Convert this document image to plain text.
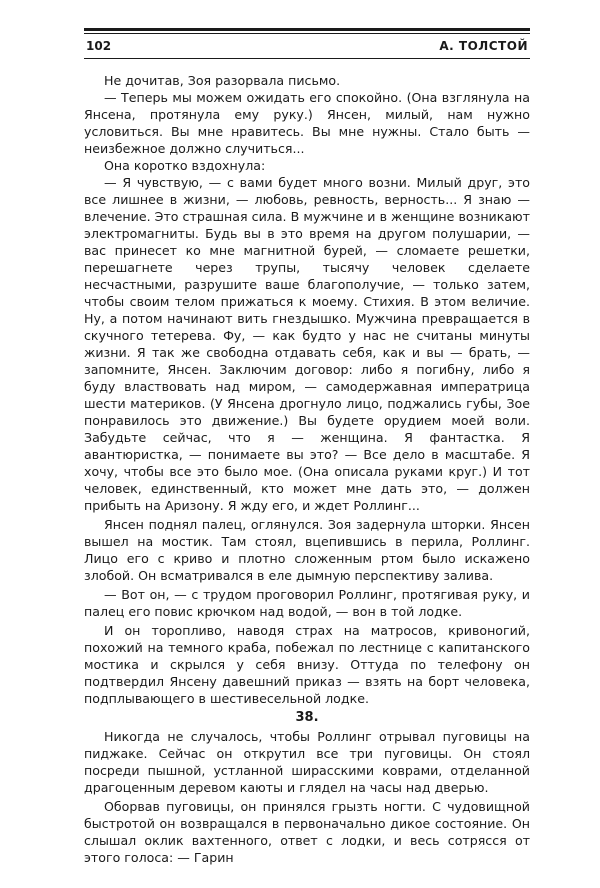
102	А. ТОЛСТОЙ

Не дочитав, Зоя разорвала письмо.

— Теперь мы можем ожидать его спокойно. (Она взглянула на Янсена, протянула ему руку.) Янсен, милый, нам нужно условиться. Вы мне нравитесь. Вы мне нужны. Стало быть — неизбежное должно случиться...

Она коротко вздохнула:

— Я чувствую, — с вами будет много возни. Милый друг, это все лишнее в жизни, — любовь, ревность, верность... Я знаю — влечение. Это страшная сила. В мужчине и в женщине возникают электромагниты. Будь вы в это время на другом полушарии, — вас принесет ко мне магнитной бурей, — сломаете решетки, перешагнете через трупы, тысячу человек сделаете несчастными, разрушите ваше благополучие, — только затем, чтобы своим телом прижаться к моему. Стихия. В этом величие. Ну, а потом начинают вить гнездышко. Мужчина превращается в скучного тетерева. Фу, — как будто у нас не считаны минуты жизни. Я так же свободна отдавать себя, как и вы — брать, — запомните, Янсен. Заключим договор: либо я погибну, либо я буду властвовать над миром, — самодержавная императрица шести материков. (У Янсена дрогнуло лицо, поджались губы, Зое понравилось это движение.) Вы будете орудием моей воли. Забудьте сейчас, что я — женщина. Я фантастка. Я авантюристка, — понимаете вы это? — Все дело в масштабе. Я хочу, чтобы все это было мое. (Она описала руками круг.) И тот человек, единственный, кто может мне дать это, — должен прибыть на Аризону. Я жду его, и ждет Роллинг...

Янсен поднял палец, оглянулся. Зоя задернула шторки. Янсен вышел на мостик. Там стоял, вцепившись в перила, Роллинг. Лицо его с криво и плотно сложенным ртом было искажено злобой. Он всматривался в еле дымную перспективу залива.

— Вот он, — с трудом проговорил Роллинг, протягивая руку, и палец его повис крючком над водой, — вон в той лодке.

И он торопливо, наводя страх на матросов, кривоногий, похожий на темного краба, побежал по лестнице с капитанского мостика и скрылся у себя внизу. Оттуда по телефону он подтвердил Янсену давешний приказ — взять на борт человека, подплывающего в шестивесельной лодке.

38.

Никогда не случалось, чтобы Роллинг отрывал пуговицы на пиджаке. Сейчас он открутил все три пуговицы. Он стоял посреди пышной, устланной ширасскими коврами, отделанной драгоценным деревом каюты и глядел на часы над дверью.

Оборвав пуговицы, он принялся грызть ногти. С чудовищной быстротой он возвращался в первоначально дикое состояние. Он слышал оклик вахтенного, ответ с лодки, и весь сотрясся от этого голоса: — Гарин
